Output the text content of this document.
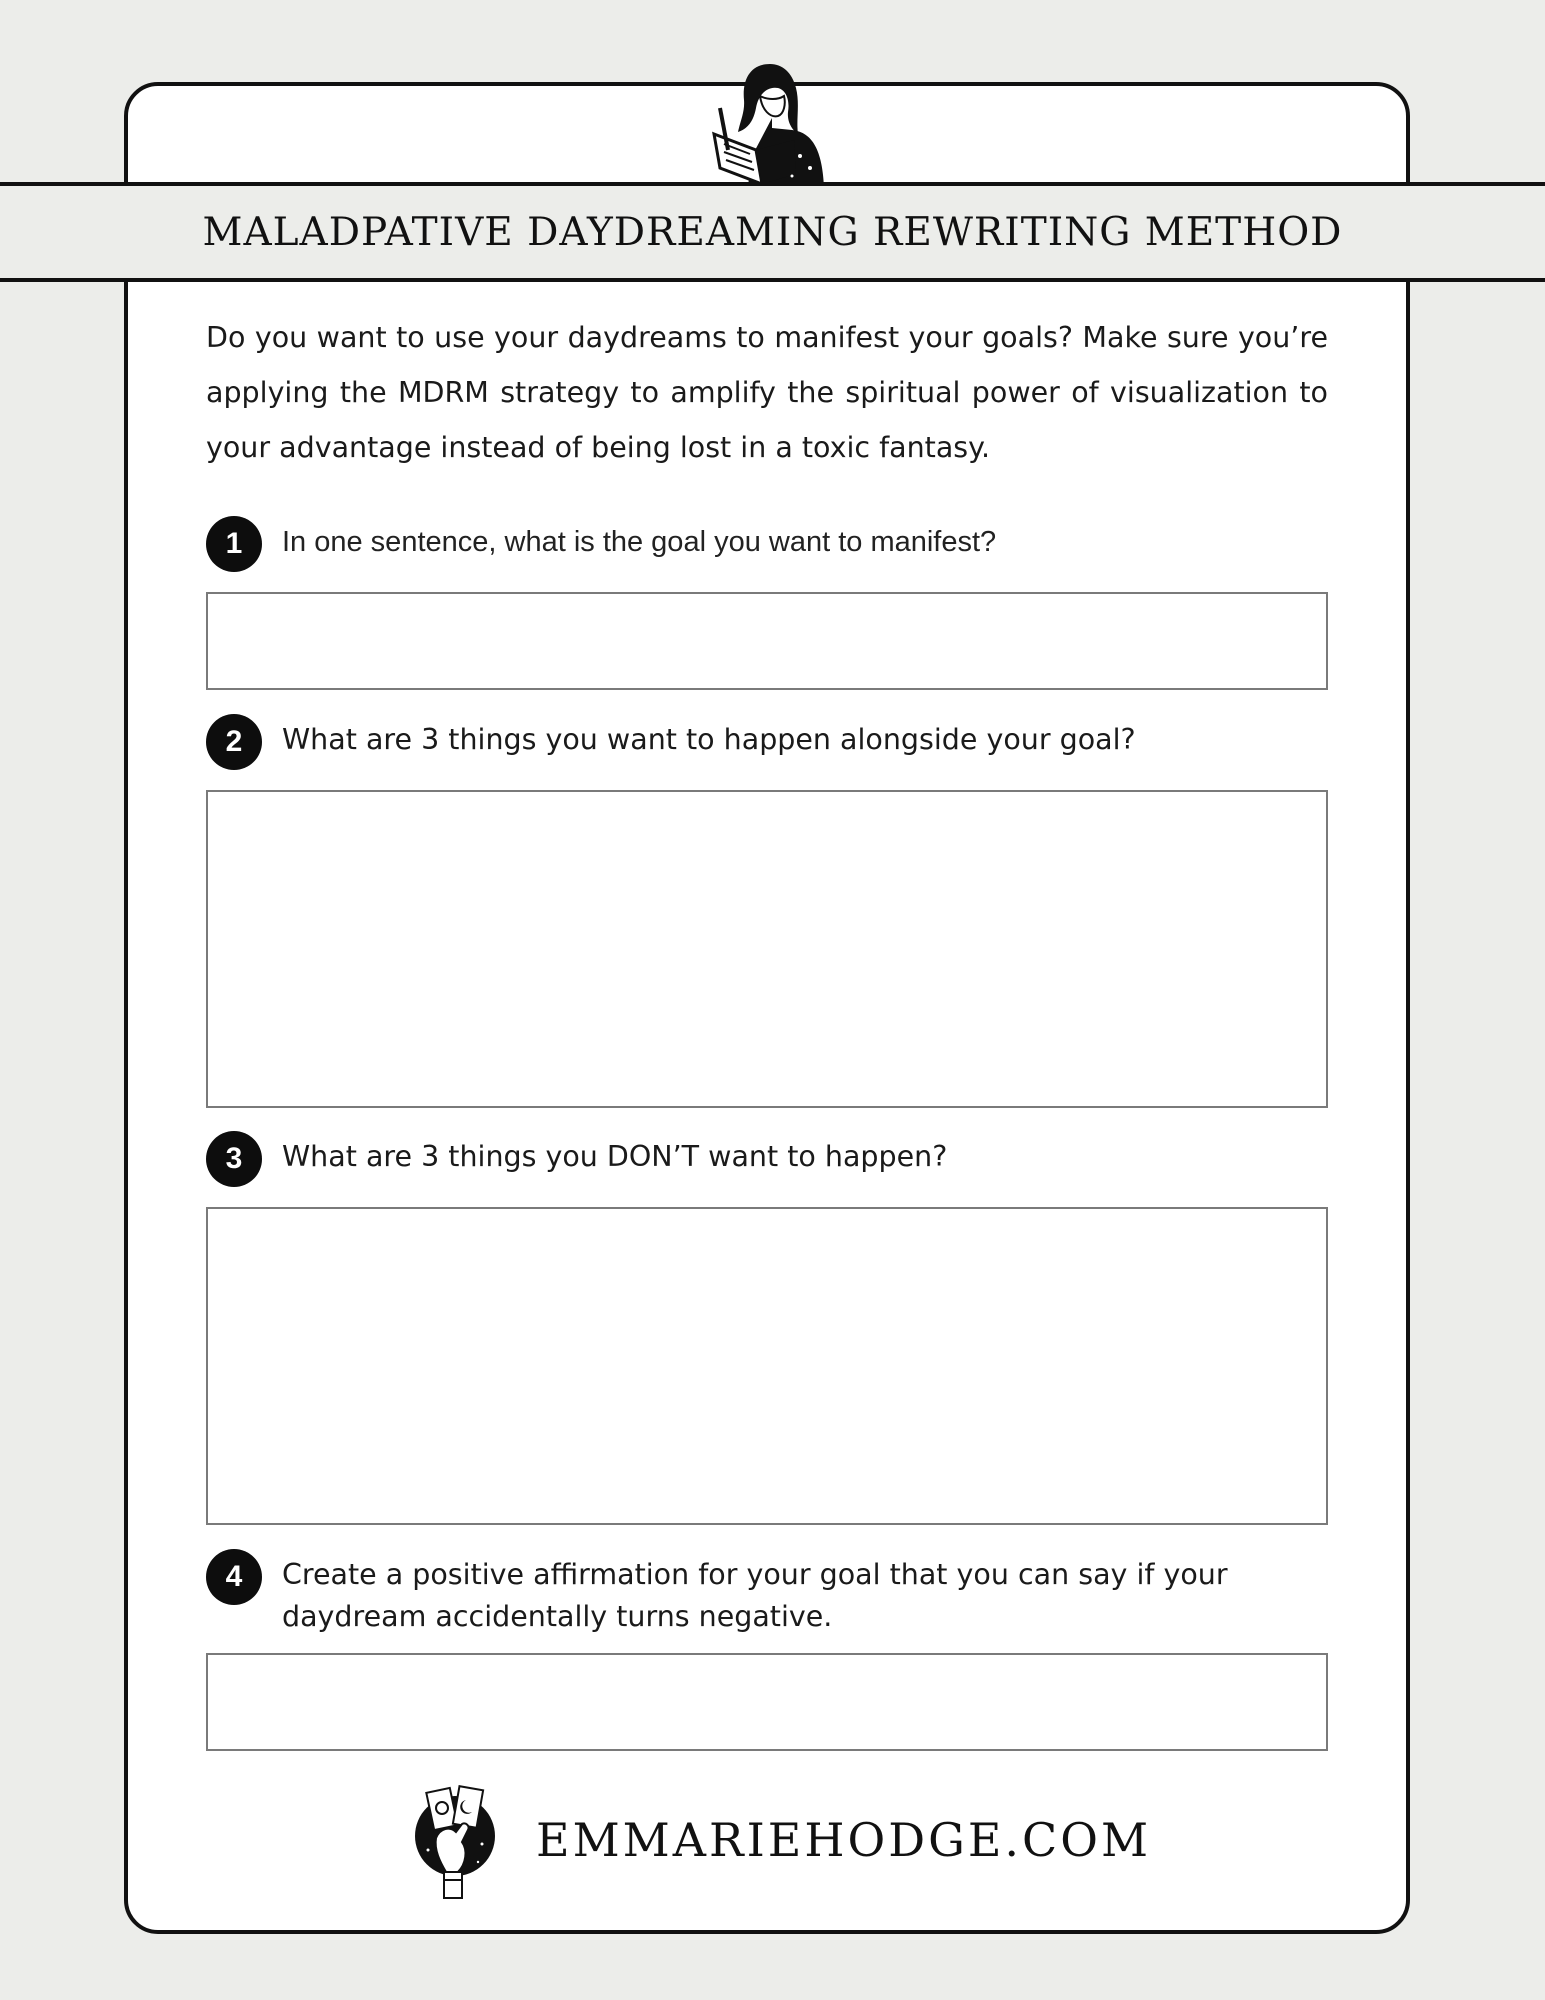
MALADPATIVE DAYDREAMING REWRITING METHOD

Do you want to use your daydreams to manifest your goals? Make sure you’re applying the MDRM strategy to amplify the spiritual power of visualization to your advantage instead of being lost in a toxic fantasy.

1	In one sentence, what is the goal you want to manifest?
2	What are 3 things you want to happen alongside your goal?
3	What are 3 things you DON’T want to happen?
4	Create a positive affirmation for your goal that you can say if your daydream accidentally turns negative.
EMMARIEHODGE.COM
